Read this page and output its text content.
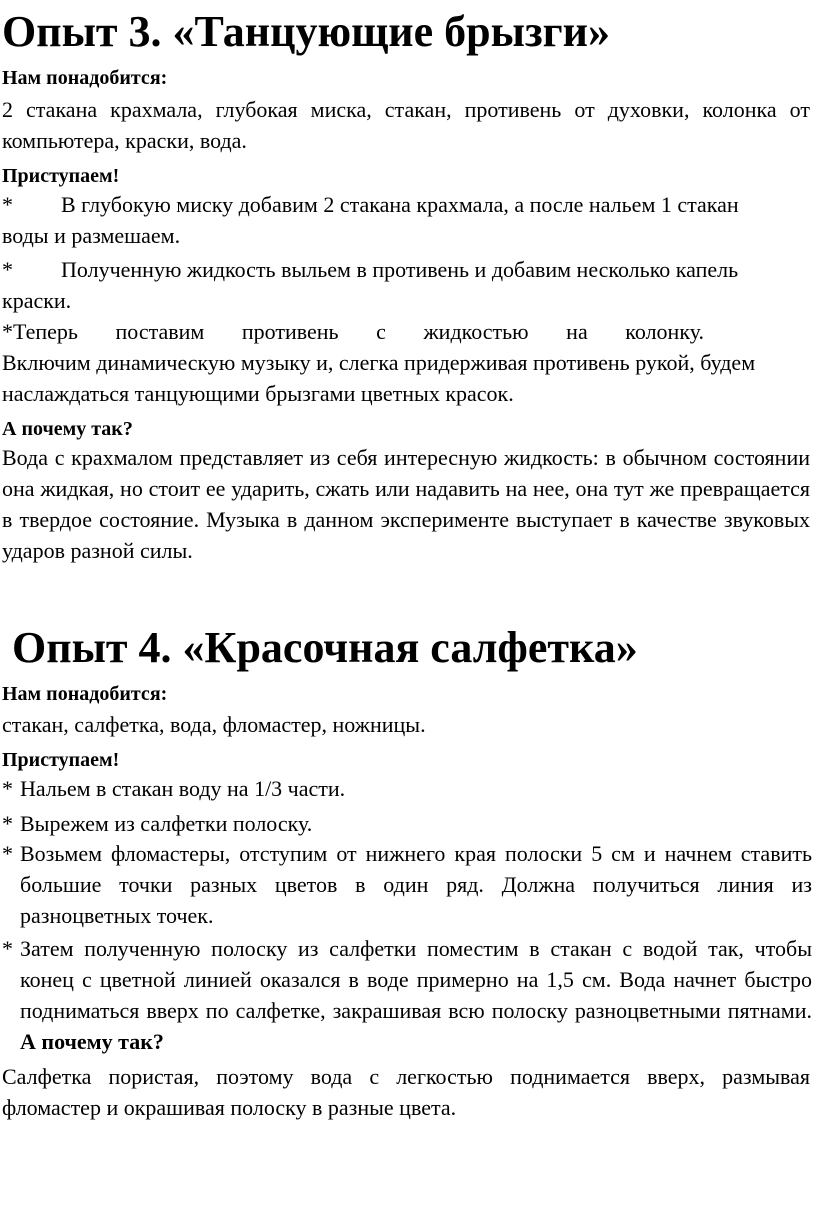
Опыт 3. «Танцующие брызги»
Нам понадобится:
2 стакана крахмала, глубокая миска, стакан, противень от духовки, колонка от компьютера, краски, вода.
Приступаем!
* В глубокую миску добавим 2 стакана крахмала, а после нальем 1 стакан
воды и размешаем.
* Полученную жидкость выльем в противень и добавим несколько капель
краски.
*Теперь поставим противень с жидкостью на колонку.
Включим динамическую музыку и, слегка придерживая противень рукой, будем наслаждаться танцующими брызгами цветных красок.
А почему так?
Вода с крахмалом представляет из себя интересную жидкость: в обычном состоянии она жидкая, но стоит ее ударить, сжать или надавить на нее, она тут же превращается в твердое состояние. Музыка в данном эксперименте выступает в качестве звуковых ударов разной силы.
Опыт 4. «Красочная салфетка»
Нам понадобится:
стакан, салфетка, вода, фломастер, ножницы.
Приступаем!
* Нальем в стакан воду на 1/3 части.
* Вырежем из салфетки полоску.
* Возьмем фломастеры, отступим от нижнего края полоски 5 см и начнем ставить большие точки разных цветов в один ряд. Должна получиться линия из разноцветных точек.
* Затем полученную полоску из салфетки поместим в стакан с водой так, чтобы конец с цветной линией оказался в воде примерно на 1,5 см. Вода начнет быстро подниматься вверх по салфетке, закрашивая всю полоску разноцветными пятнами. А почему так?
Салфетка пористая, поэтому вода с легкостью поднимается вверх, размывая фломастер и окрашивая полоску в разные цвета.
